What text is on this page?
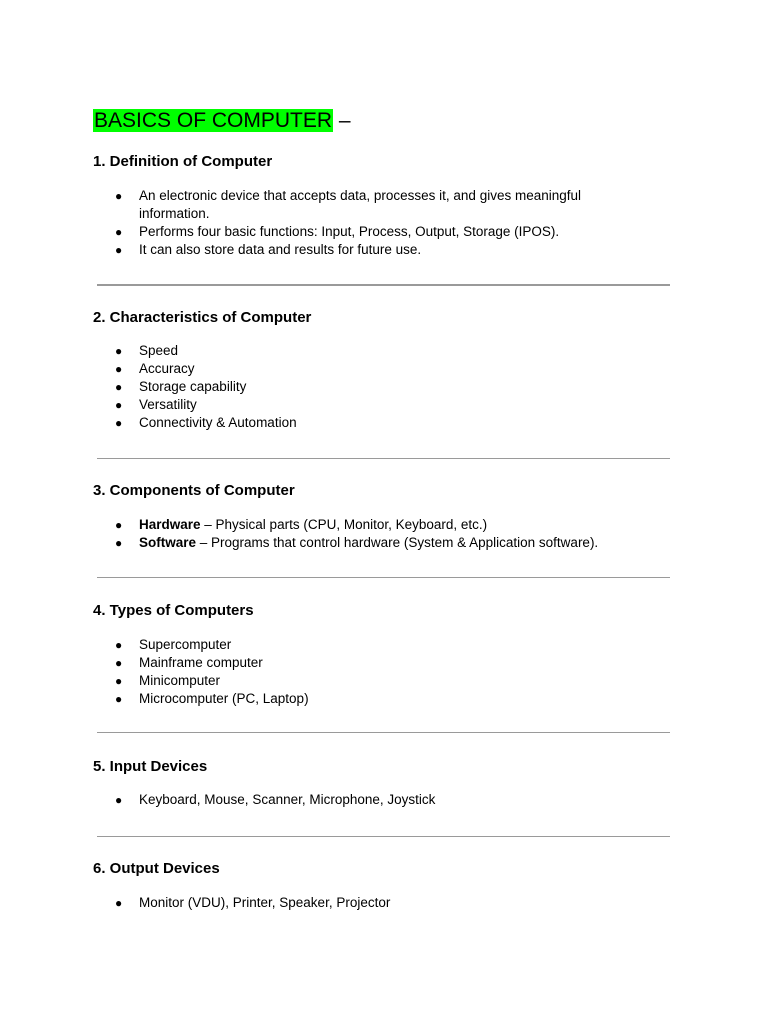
BASICS OF COMPUTER –
1. Definition of Computer
● An electronic device that accepts data, processes it, and gives meaningful information.
● Performs four basic functions: Input, Process, Output, Storage (IPOS).
● It can also store data and results for future use.
2. Characteristics of Computer
● Speed
● Accuracy
● Storage capability
● Versatility
● Connectivity & Automation
3. Components of Computer
● Hardware – Physical parts (CPU, Monitor, Keyboard, etc.)
● Software – Programs that control hardware (System & Application software).
4. Types of Computers
● Supercomputer
● Mainframe computer
● Minicomputer
● Microcomputer (PC, Laptop)
5. Input Devices
● Keyboard, Mouse, Scanner, Microphone, Joystick
6. Output Devices
● Monitor (VDU), Printer, Speaker, Projector
